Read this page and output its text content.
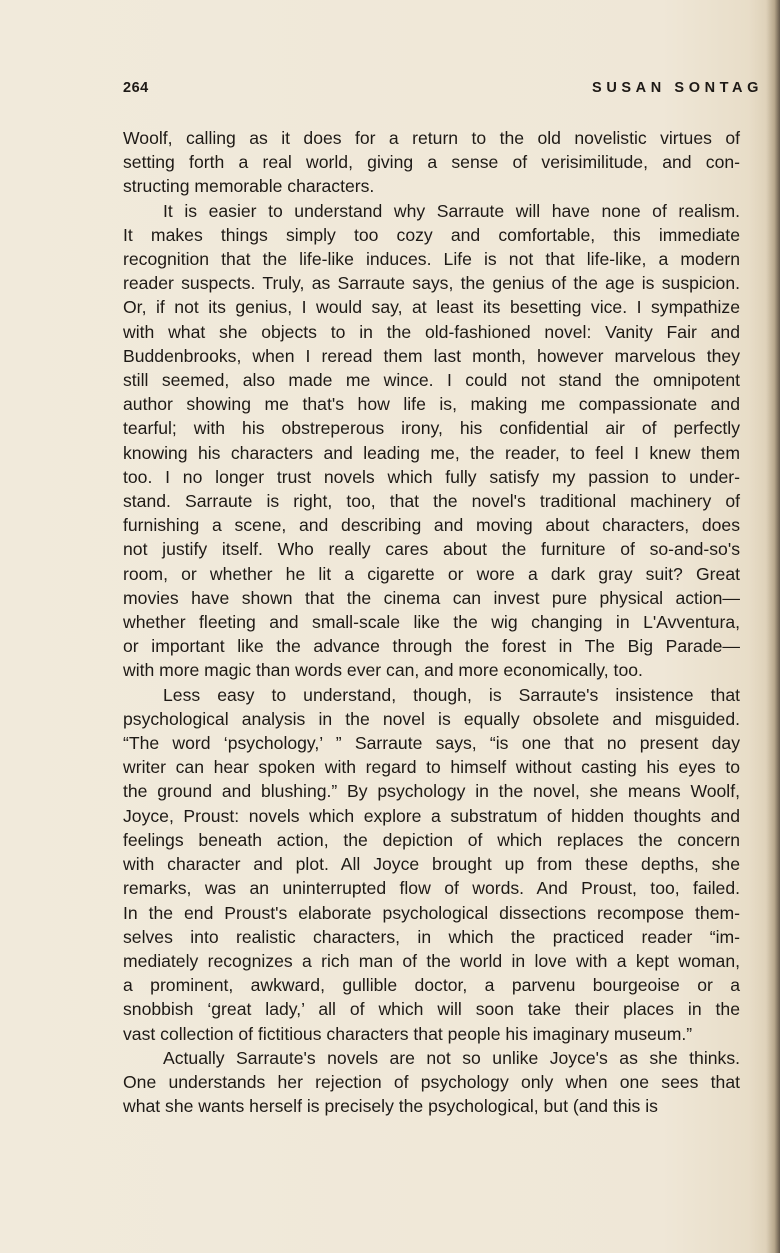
264	SUSAN SONTAG

Woolf, calling as it does for a return to the old novelistic virtues of
setting forth a real world, giving a sense of verisimilitude, and con-
structing memorable characters.

It is easier to understand why Sarraute will have none of realism.
It makes things simply too cozy and comfortable, this immediate
recognition that the life-like induces. Life is not that life-like, a modern
reader suspects. Truly, as Sarraute says, the genius of the age is suspicion.
Or, if not its genius, I would say, at least its besetting vice. I sympathize
with what she objects to in the old-fashioned novel: Vanity Fair and
Buddenbrooks, when I reread them last month, however marvelous they
still seemed, also made me wince. I could not stand the omnipotent
author showing me that's how life is, making me compassionate and
tearful; with his obstreperous irony, his confidential air of perfectly
knowing his characters and leading me, the reader, to feel I knew them
too. I no longer trust novels which fully satisfy my passion to under-
stand. Sarraute is right, too, that the novel's traditional machinery of
furnishing a scene, and describing and moving about characters, does
not justify itself. Who really cares about the furniture of so-and-so's
room, or whether he lit a cigarette or wore a dark gray suit? Great
movies have shown that the cinema can invest pure physical action—
whether fleeting and small-scale like the wig changing in L'Avventura,
or important like the advance through the forest in The Big Parade—
with more magic than words ever can, and more economically, too.

Less easy to understand, though, is Sarraute's insistence that
psychological analysis in the novel is equally obsolete and misguided.
“The word ‘psychology,’ ” Sarraute says, “is one that no present day
writer can hear spoken with regard to himself without casting his eyes to
the ground and blushing.” By psychology in the novel, she means Woolf,
Joyce, Proust: novels which explore a substratum of hidden thoughts and
feelings beneath action, the depiction of which replaces the concern
with character and plot. All Joyce brought up from these depths, she
remarks, was an uninterrupted flow of words. And Proust, too, failed.
In the end Proust's elaborate psychological dissections recompose them-
selves into realistic characters, in which the practiced reader “im-
mediately recognizes a rich man of the world in love with a kept woman,
a prominent, awkward, gullible doctor, a parvenu bourgeoise or a
snobbish ‘great lady,’ all of which will soon take their places in the
vast collection of fictitious characters that people his imaginary museum.”

Actually Sarraute's novels are not so unlike Joyce's as she thinks.
One understands her rejection of psychology only when one sees that
what she wants herself is precisely the psychological, but (and this is
